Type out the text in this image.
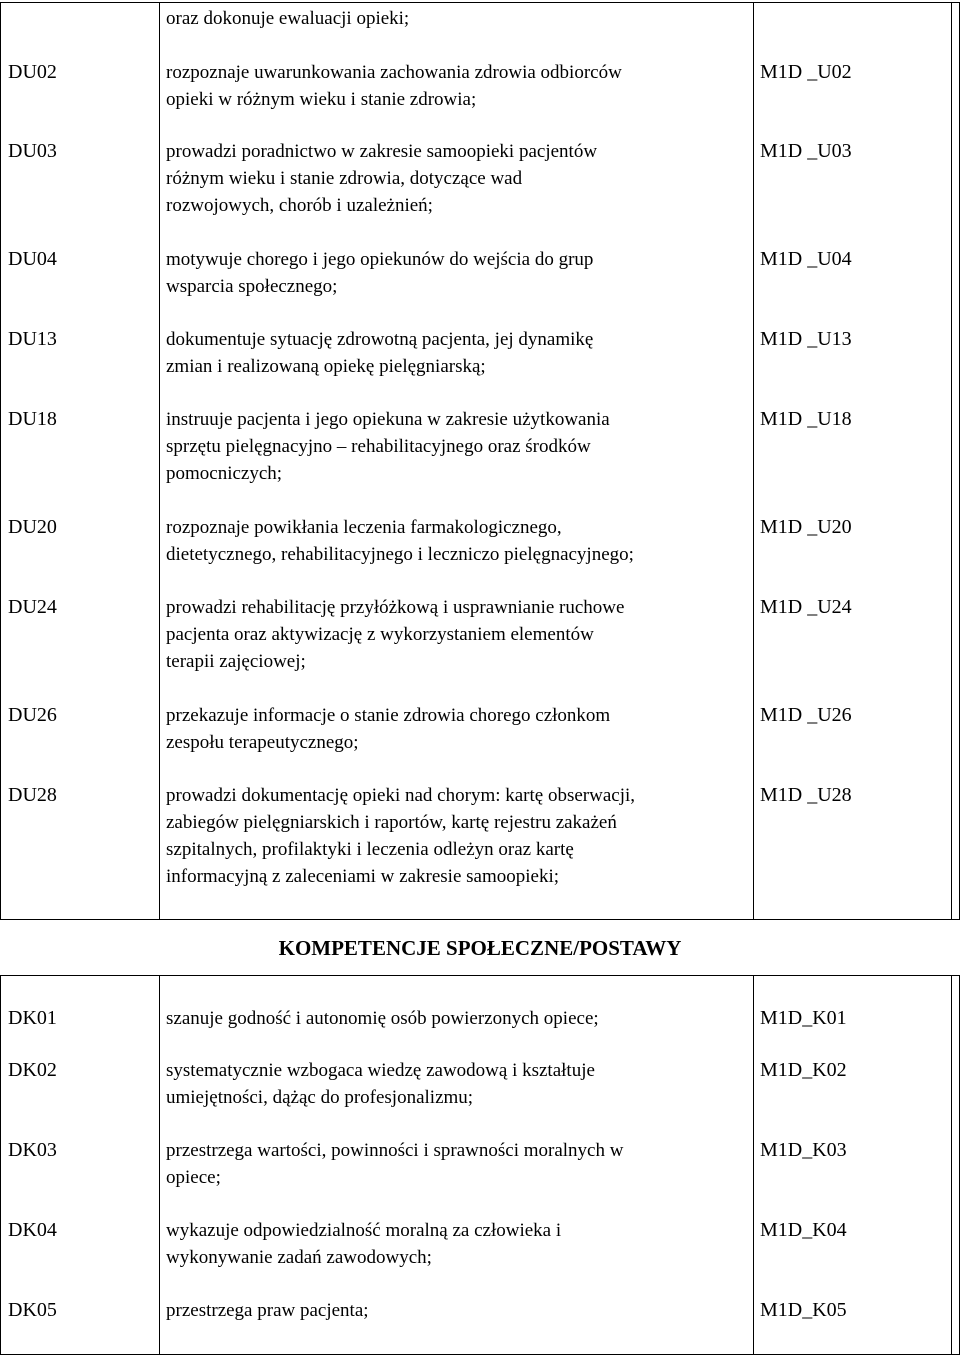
KOMPETENCJE SPOŁECZNE/POSTAWY
oraz dokonuje ewaluacji opieki;
DU02	rozpoznaje uwarunkowania zachowania zdrowia odbiorców
opieki w różnym wieku i stanie zdrowia;
M1D _U02
DU03	prowadzi poradnictwo w zakresie samoopieki pacjentów
różnym wieku i stanie zdrowia, dotyczące wad
rozwojowych, chorób i uzależnień;
M1D _U03
DU04	motywuje chorego i jego opiekunów do wejścia do grup
wsparcia społecznego;
M1D _U04
DU13	dokumentuje sytuację zdrowotną pacjenta, jej dynamikę
zmian i realizowaną opiekę pielęgniarską;
M1D _U13
DU18	instruuje pacjenta i jego opiekuna w zakresie użytkowania
sprzętu pielęgnacyjno – rehabilitacyjnego oraz środków
pomocniczych;
M1D _U18
DU20	rozpoznaje powikłania leczenia farmakologicznego,
dietetycznego, rehabilitacyjnego i leczniczo pielęgnacyjnego;
M1D _U20
DU24	prowadzi rehabilitację przyłóżkową i usprawnianie ruchowe
pacjenta oraz aktywizację z wykorzystaniem elementów
terapii zajęciowej;
M1D _U24
DU26	przekazuje informacje o stanie zdrowia chorego członkom
zespołu terapeutycznego;
M1D _U26
DU28	prowadzi dokumentację opieki nad chorym: kartę obserwacji,
zabiegów pielęgniarskich i raportów, kartę rejestru zakażeń
szpitalnych, profilaktyki i leczenia odleżyn oraz kartę
informacyjną z zaleceniami w zakresie samoopieki;
M1D _U28
DK01	szanuje godność i autonomię osób powierzonych opiece;	M1D_K01
DK02	systematycznie wzbogaca wiedzę zawodową i kształtuje
umiejętności, dążąc do profesjonalizmu;
M1D_K02
DK03	przestrzega wartości, powinności i sprawności moralnych w
opiece;
M1D_K03
DK04	wykazuje odpowiedzialność moralną za człowieka i
wykonywanie zadań zawodowych;
M1D_K04
DK05	przestrzega praw pacjenta;	M1D_K05
